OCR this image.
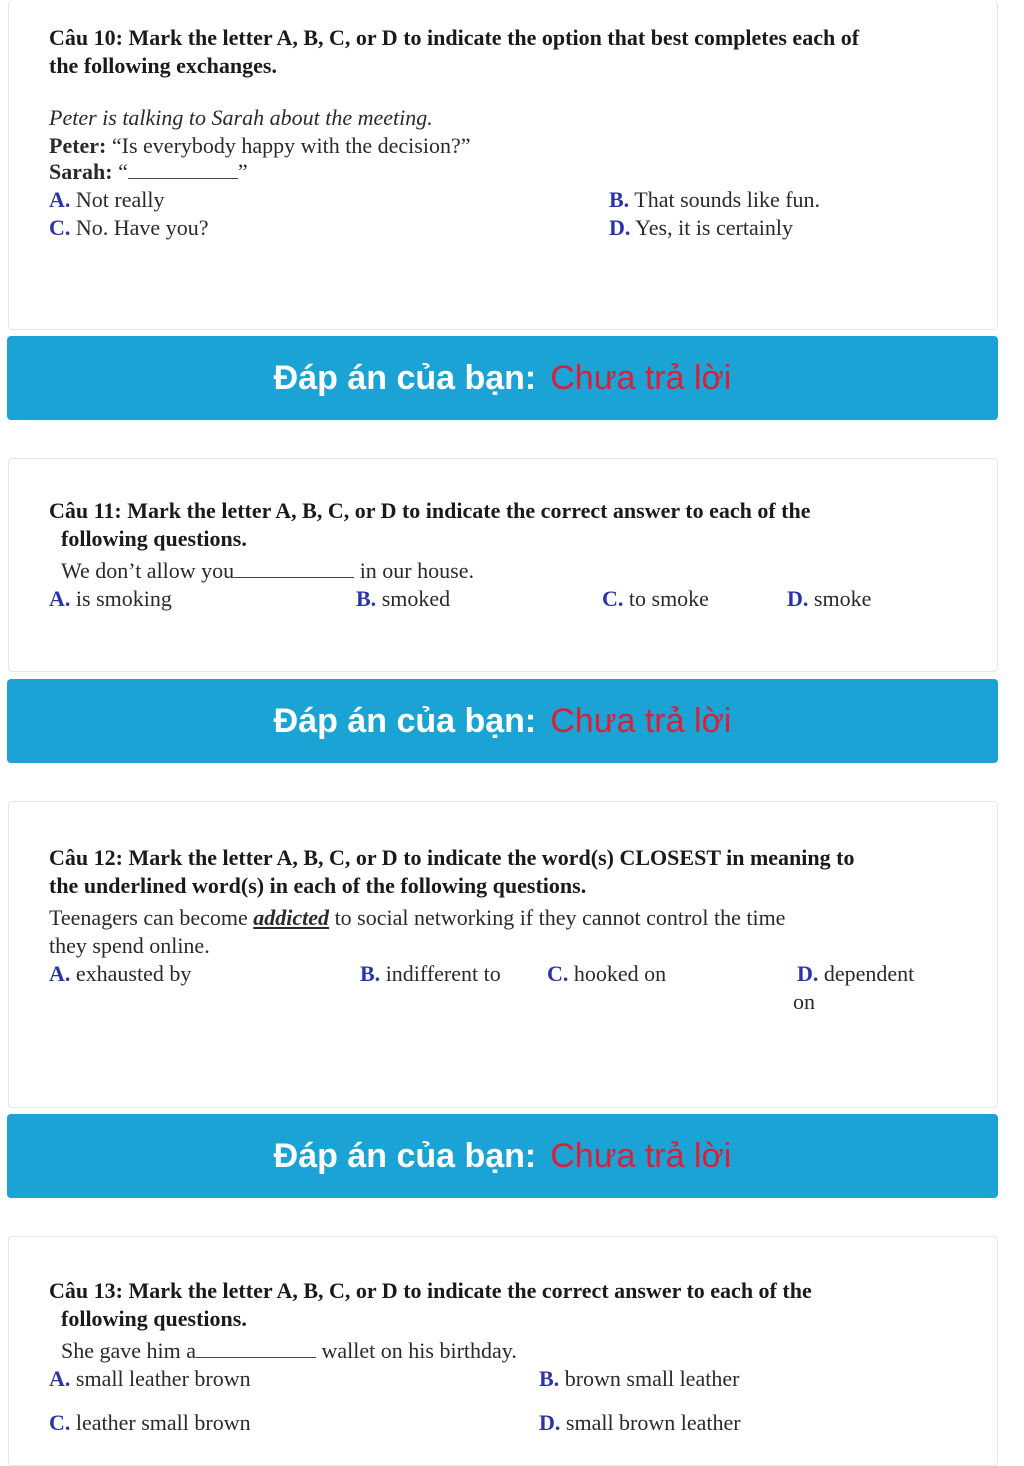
Câu 10: Mark the letter A, B, C, or D to indicate the option that best completes each of
the following exchanges.
Peter is talking to Sarah about the meeting.
Peter: “Is everybody happy with the decision?”
Sarah: “	”
A. Not really	B. That sounds like fun.
C. No. Have you?	D. Yes, it is certainly
Đáp án của bạn: Chưa trả lời
Câu 11: Mark the letter A, B, C, or D to indicate the correct answer to each of the
following questions.
We don’t allow you	in our house.
A. is smoking	B. smoked	C. to smoke	D. smoke
Đáp án của bạn: Chưa trả lời
Câu 12: Mark the letter A, B, C, or D to indicate the word(s) CLOSEST in meaning to
the underlined word(s) in each of the following questions.
Teenagers can become addicted to social networking if they cannot control the time
they spend online.
A. exhausted by	B. indifferent to C. hooked on	D. dependent
on
Đáp án của bạn: Chưa trả lời
Câu 13: Mark the letter A, B, C, or D to indicate the correct answer to each of the
following questions.
She gave him a	wallet on his birthday.
A. small leather brown	B. brown small leather
C. leather small brown	D. small brown leather
